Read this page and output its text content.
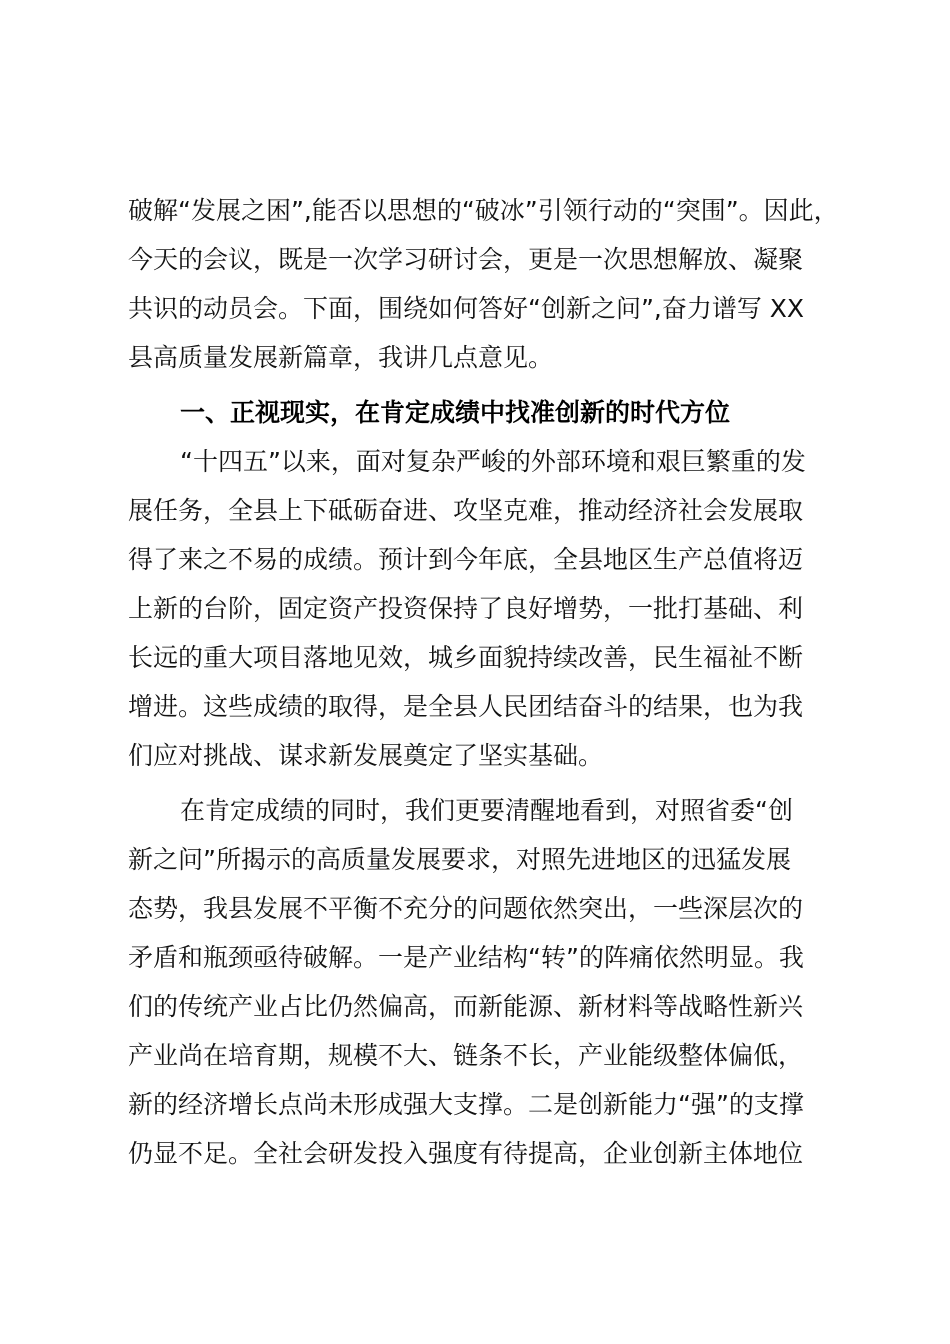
破解“发展之困”,能否以思想的“破冰”引领行动的“突围”。因此，
今天的会议，既是一次学习研讨会，更是一次思想解放、凝聚
共识的动员会。下面，围绕如何答好“创新之问”,奋力谱写 XX
县高质量发展新篇章，我讲几点意见。
一、正视现实，在肯定成绩中找准创新的时代方位
“十四五”以来，面对复杂严峻的外部环境和艰巨繁重的发
展任务，全县上下砥砺奋进、攻坚克难，推动经济社会发展取
得了来之不易的成绩。预计到今年底，全县地区生产总值将迈
上新的台阶，固定资产投资保持了良好增势，一批打基础、利
长远的重大项目落地见效，城乡面貌持续改善，民生福祉不断
增进。这些成绩的取得，是全县人民团结奋斗的结果，也为我
们应对挑战、谋求新发展奠定了坚实基础。
在肯定成绩的同时，我们更要清醒地看到，对照省委“创
新之问”所揭示的高质量发展要求，对照先进地区的迅猛发展
态势，我县发展不平衡不充分的问题依然突出，一些深层次的
矛盾和瓶颈亟待破解。一是产业结构“转”的阵痛依然明显。我
们的传统产业占比仍然偏高，而新能源、新材料等战略性新兴
产业尚在培育期，规模不大、链条不长，产业能级整体偏低，
新的经济增长点尚未形成强大支撑。二是创新能力“强”的支撑
仍显不足。全社会研发投入强度有待提高，企业创新主体地位
